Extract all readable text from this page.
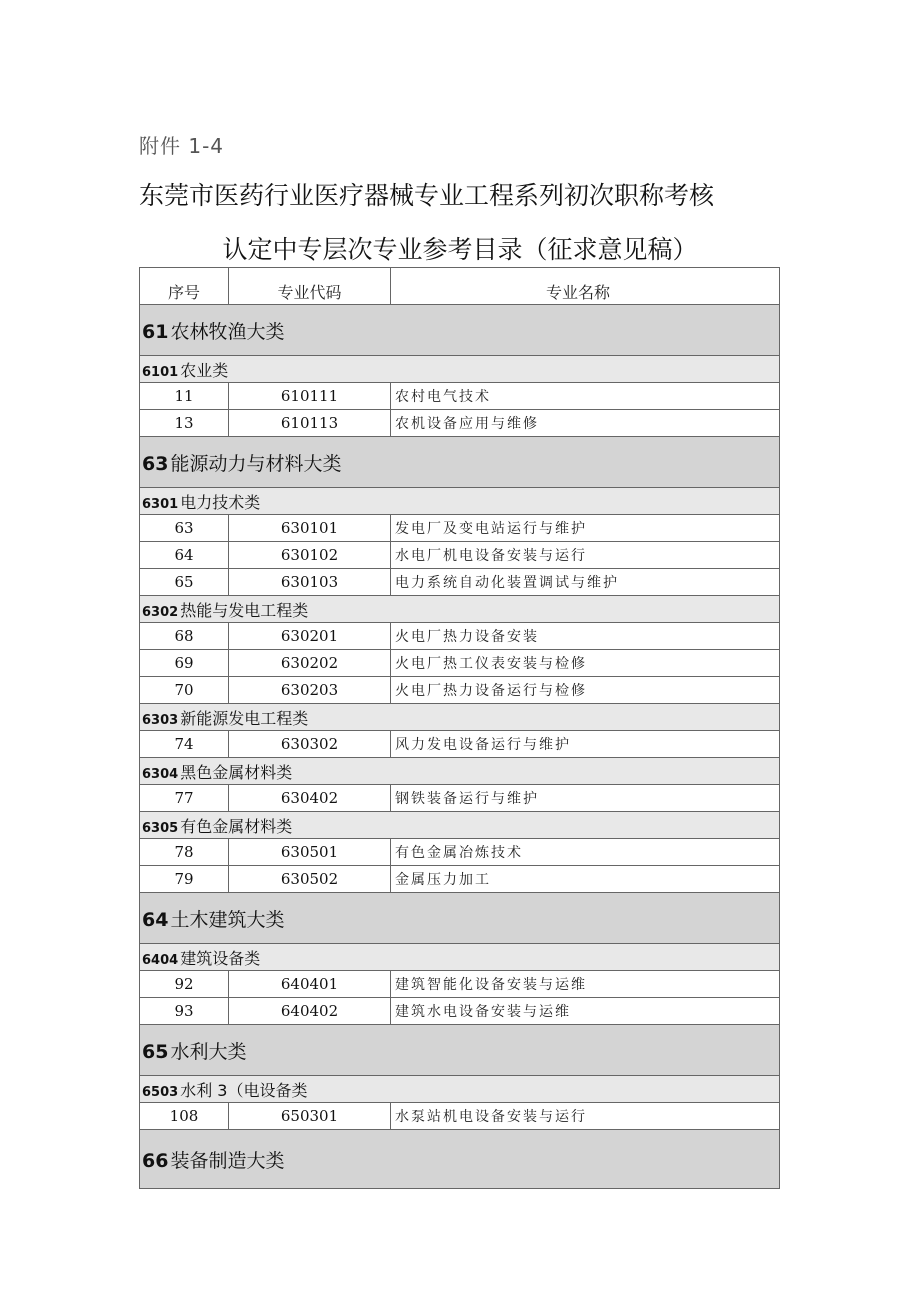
附件 1-4
东莞市医药行业医疗器械专业工程系列初次职称考核
认定中专层次专业参考目录（征求意见稿）
序号	专业代码	专业名称
61 农林牧渔大类		
6101 农业类		
11	610111	农村电气技术
13	610113	农机设备应用与维修
63 能源动力与材料大类		
6301 电力技术类		
63	630101	发电厂及变电站运行与维护
64	630102	水电厂机电设备安装与运行
65	630103	电力系统自动化装置调试与维护
6302 热能与发电工程类		
68	630201	火电厂热力设备安装
69	630202	火电厂热工仪表安装与检修
70	630203	火电厂热力设备运行与检修
6303 新能源发电工程类		
74	630302	风力发电设备运行与维护
6304 黑色金属材料类		
77	630402	钢铁装备运行与维护
6305 有色金属材料类		
78	630501	有色金属冶炼技术
79	630502	金属压力加工
64 土木建筑大类		
6404 建筑设备类		
92	640401	建筑智能化设备安装与运维
93	640402	建筑水电设备安装与运维
65 水利大类		
6503 水利 3（电设备类		
108	650301	水泵站机电设备安装与运行
66 装备制造大类		
